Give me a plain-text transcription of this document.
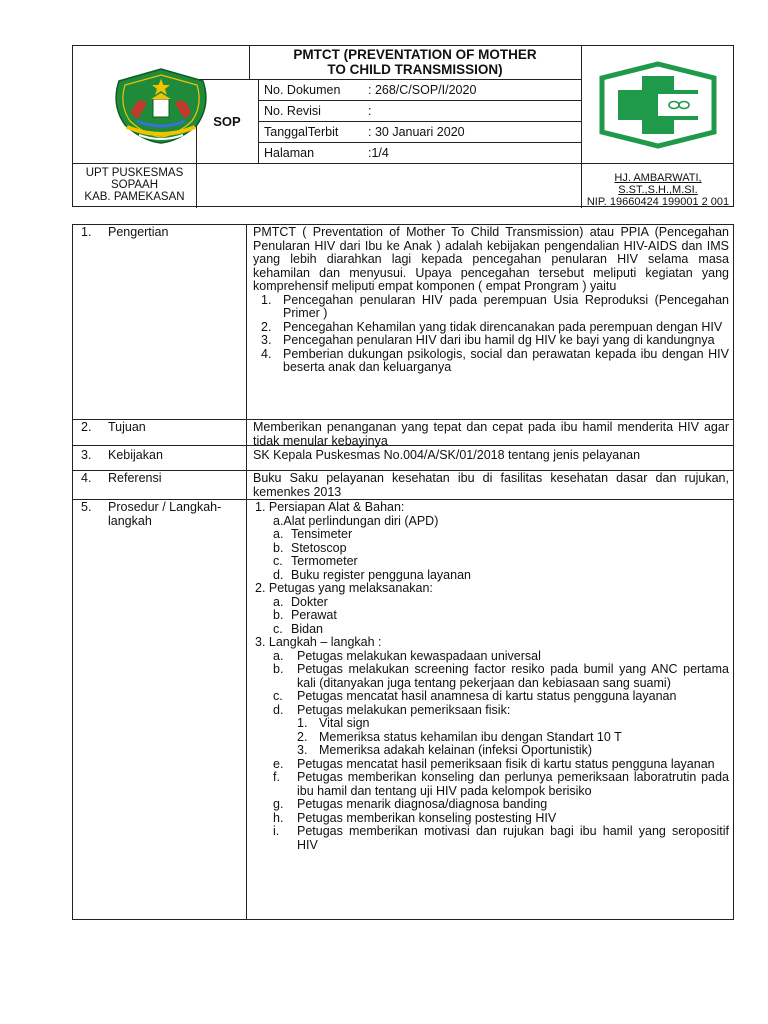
PMTCT (PREVENTATION OF MOTHER
TO CHILD TRANSMISSION)
SOP
No. Dokumen	: 268/C/SOP/I/2020
No. Revisi	:
TanggalTerbit	: 30 Januari 2020
Halaman	:1/4
UPT PUSKESMAS
SOPAAH
KAB. PAMEKASAN
HJ. AMBARWATI, S.ST.,S.H.,M.SI.
NIP. 19660424 199001 2 001
1. Pengertian	PMTCT ( Preventation of Mother To Child Transmission) atau PPIA (Pencegahan Penularan HIV dari Ibu ke Anak ) adalah kebijakan pengendalian HIV-AIDS dan IMS yang lebih diarahkan lagi kepada pencegahan penularan HIV selama masa kehamilan dan menyusui. Upaya pencegahan tersebut meliputi kegiatan yang komprehensif meliputi empat komponen ( empat Prongram ) yaitu

1. Pencegahan penularan HIV pada perempuan Usia Reproduksi (Pencegahan Primer )
2. Pencegahan Kehamilan yang tidak direncanakan pada perempuan dengan HIV
3. Pencegahan penularan HIV dari ibu hamil dg HIV ke bayi yang di kandungnya
4. Pemberian dukungan psikologis, social dan perawatan kepada ibu dengan HIV beserta anak dan keluarganya
2. Tujuan	Memberikan penanganan yang tepat dan cepat pada ibu hamil menderita HIV agar tidak menular kebayinya
3. Kebijakan	SK Kepala Puskesmas No.004/A/SK/01/2018 tentang jenis pelayanan
4. Referensi	Buku Saku pelayanan kesehatan ibu di fasilitas kesehatan dasar dan rujukan, kemenkes 2013
5. Prosedur / Langkah-langkah
1. Persiapan Alat & Bahan:
a.Alat perlindungan diri (APD)
a. Tensimeter
b. Stetoscop
c. Termometer
d. Buku register pengguna layanan
2. Petugas yang melaksanakan:
a. Dokter
b. Perawat
c. Bidan
3. Langkah – langkah :
a.	Petugas melakukan kewaspadaan universal
b.	Petugas melakukan screening factor resiko pada bumil yang ANC pertama kali (ditanyakan juga tentang pekerjaan dan kebiasaan sang suami)
c.	Petugas mencatat hasil anamnesa di kartu status pengguna layanan
d.	Petugas melakukan pemeriksaan fisik:
1. Vital sign
2. Memeriksa status kehamilan ibu dengan Standart 10 T
3. Memeriksa adakah kelainan (infeksi Oportunistik)
e.	Petugas mencatat hasil pemeriksaan fisik di kartu status pengguna layanan
f.	Petugas memberikan konseling dan perlunya pemeriksaan laboratrutin pada ibu hamil dan tentang uji HIV pada kelompok berisiko
g.	Petugas menarik diagnosa/diagnosa banding
h.	Petugas memberikan konseling postesting HIV
i.	Petugas memberikan motivasi dan rujukan bagi ibu hamil yang seropositif HIV
